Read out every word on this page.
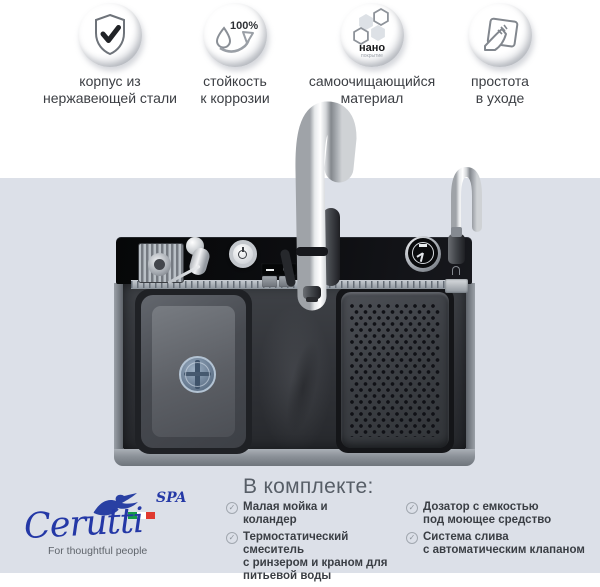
корпус из
нержавеющей стали
100%
стойкость
к коррозии
нано
покрытие
самоочищающийся
материал
простота
в уходе
SPA
Cerutti
For thoughtful people
В комплекте:
✓ Малая мойка и
коландер
✓ Термостатический смеситель
с ринзером и краном для
питьевой воды
✓ Дозатор с емкостью
под моющее средство
✓ Система слива
с автоматическим клапаном
